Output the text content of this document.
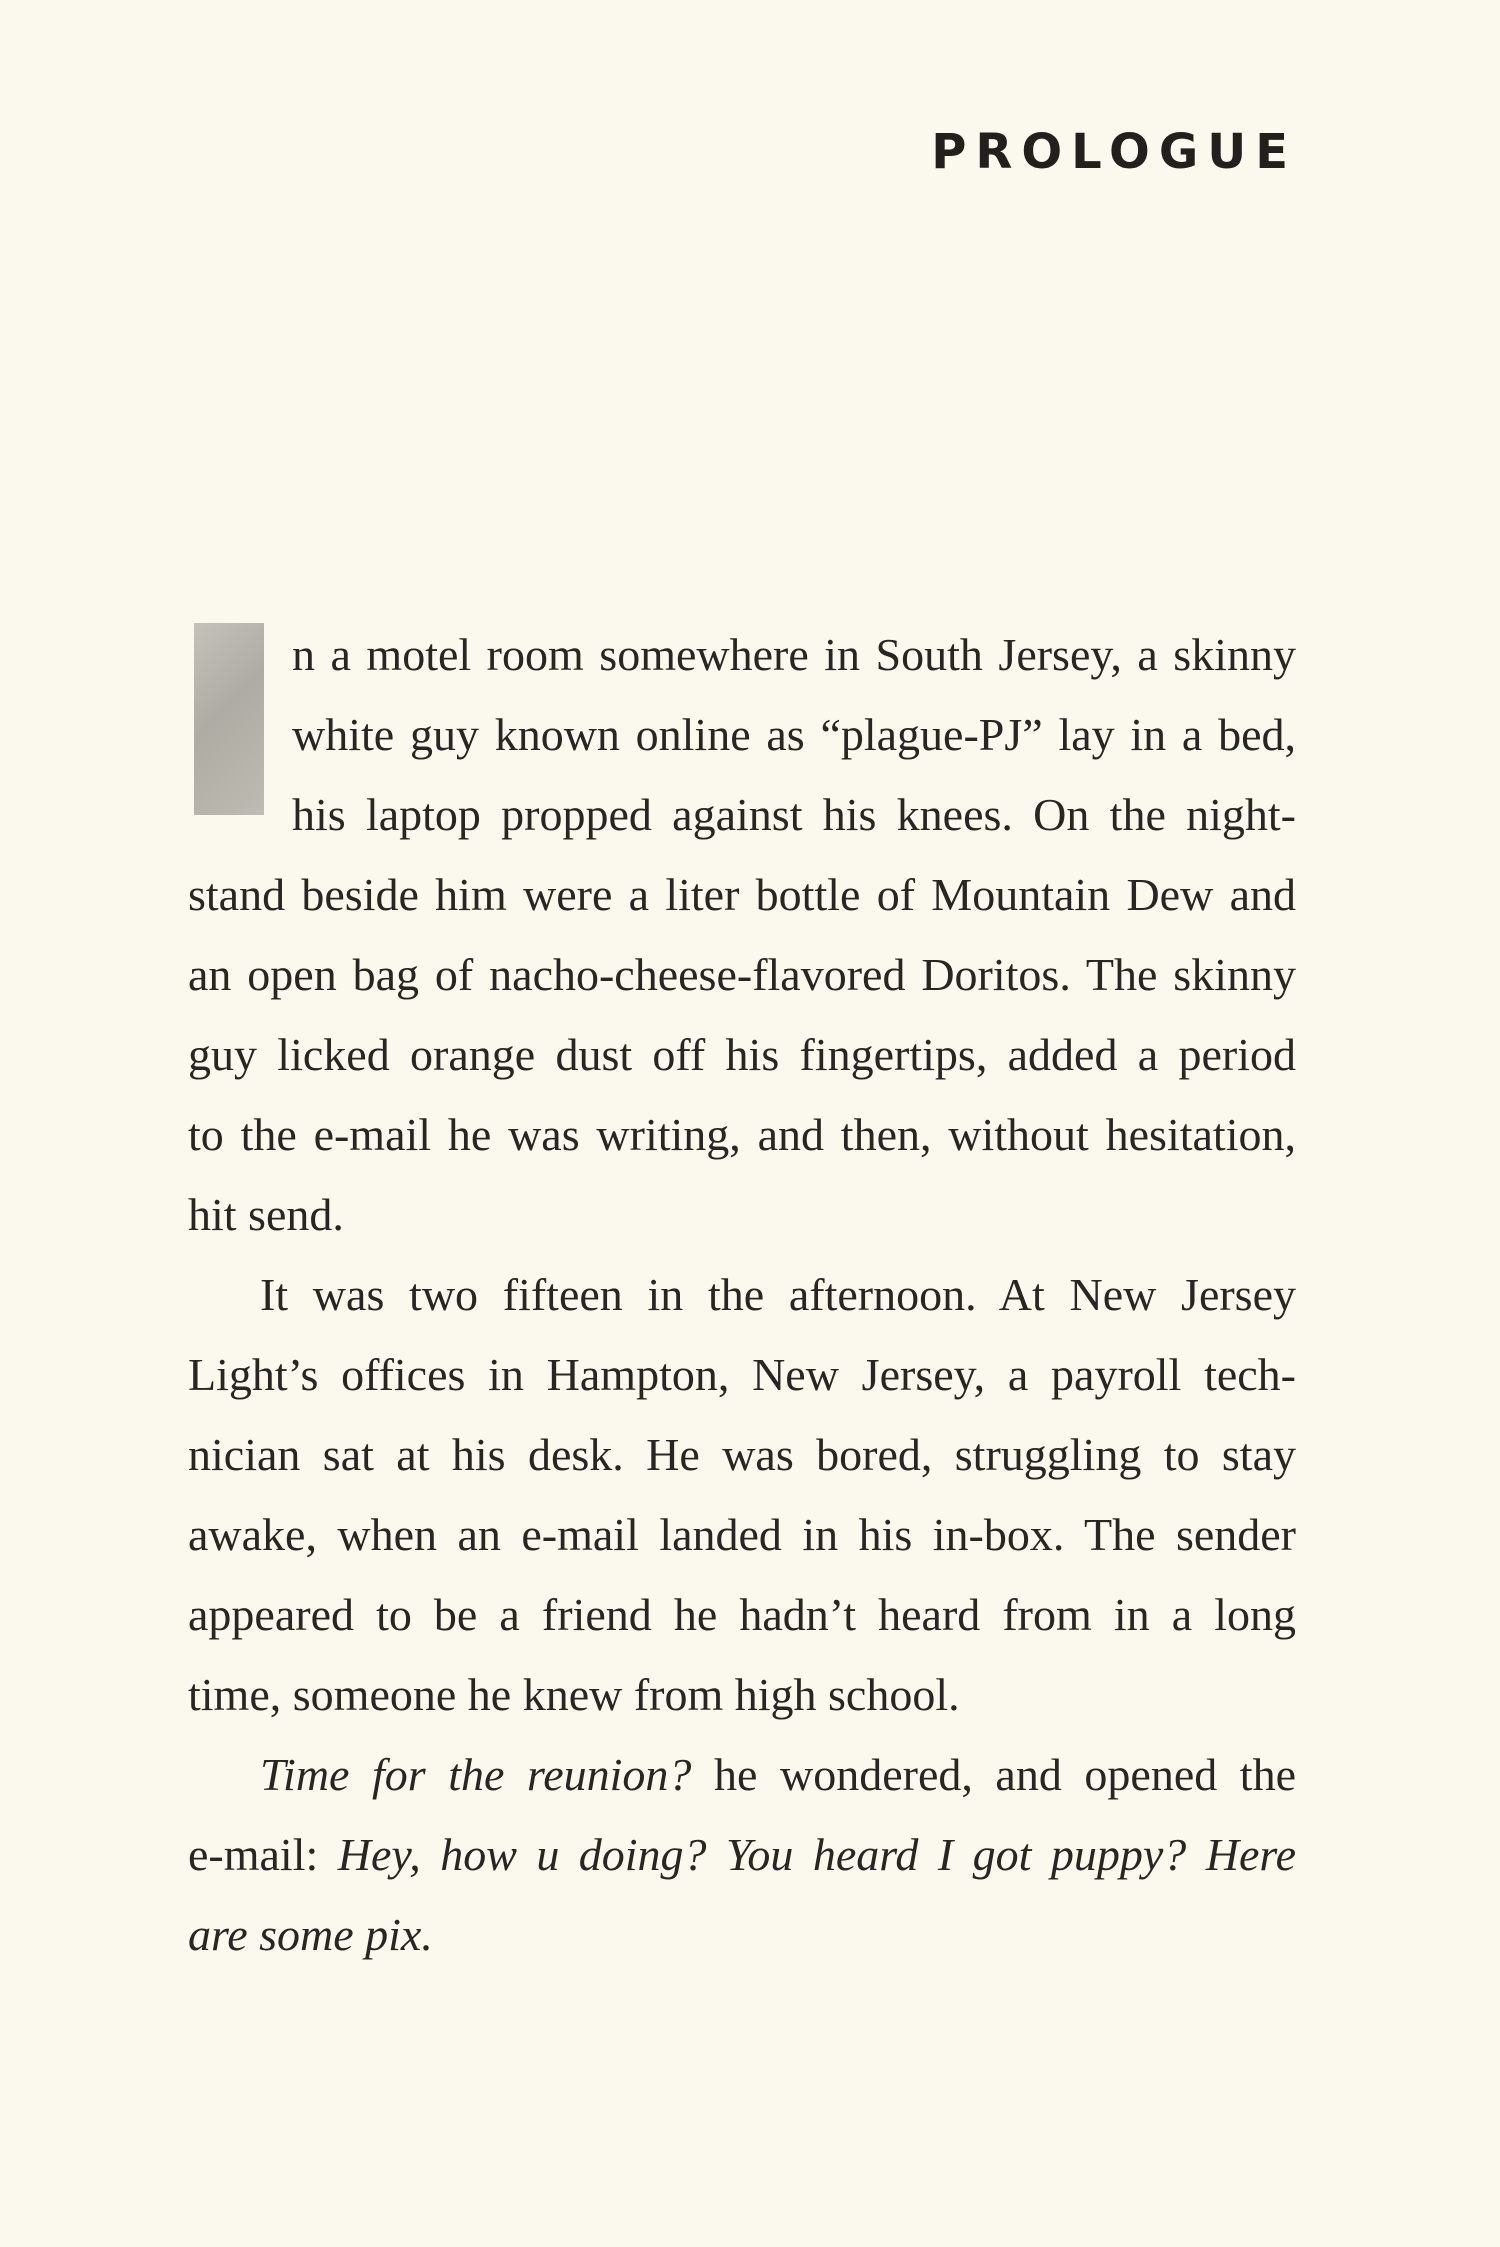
PROLOGUE
n a motel room somewhere in South Jersey, a skinny
white guy known online as “plague-PJ” lay in a bed,
his laptop propped against his knees. On the night-
stand beside him were a liter bottle of Mountain Dew and
an open bag of nacho-cheese-flavored Doritos. The skinny
guy licked orange dust off his fingertips, added a period
to the e-mail he was writing, and then, without hesitation,
hit send.
It was two fifteen in the afternoon. At New Jersey
Light’s offices in Hampton, New Jersey, a payroll tech-
nician sat at his desk. He was bored, struggling to stay
awake, when an e-mail landed in his in-box. The sender
appeared to be a friend he hadn’t heard from in a long
time, someone he knew from high school.
Time for the reunion? he wondered, and opened the
e-mail: Hey, how u doing? You heard I got puppy? Here
are some pix.
